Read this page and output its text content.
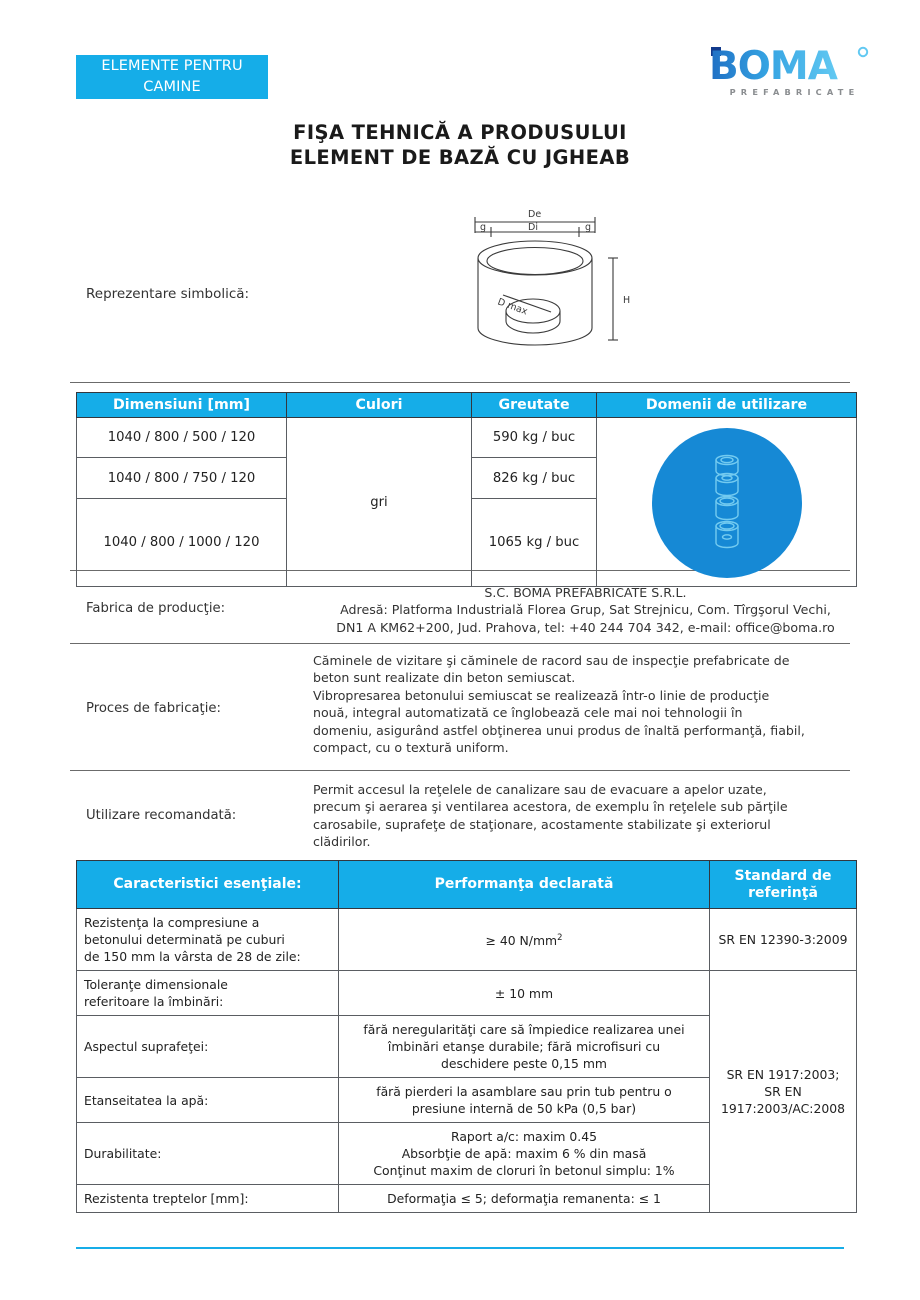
ELEMENTE PENTRU
CAMINE	BOMA
PREFABRICATE
FIŞA TEHNICĂ A PRODUSULUI
ELEMENT DE BAZĂ CU JGHEAB
Reprezentare simbolică:
De
Di
g	g
H
D max
Dimensiuni [mm]	Culori	Greutate	Domenii de utilizare
1040 / 800 / 500 / 120	gri	590 kg / buc	

1040 / 800 / 750 / 120		826 kg / buc	
1040 / 800 / 1000 / 120		1065 kg / buc	
Fabrica de producţie:
S.C. BOMA PREFABRICATE S.R.L.
Adresă: Platforma Industrialǎ Florea Grup, Sat Strejnicu, Com. Tîrgşorul Vechi,
DN1 A KM62+200, Jud. Prahova, tel: +40 244 704 342, e-mail: office@boma.ro
Proces de fabricaţie:
Căminele de vizitare şi căminele de racord sau de inspecţie prefabricate de
beton sunt realizate din beton semiuscat.
Vibropresarea betonului semiuscat se realizează într-o linie de producţie
nouă, integral automatizată ce înglobează cele mai noi tehnologii în
domeniu, asigurând astfel obţinerea unui produs de înaltă performanţă, fiabil,
compact, cu o textură uniform.
Utilizare recomandată:
Permit accesul la reţelele de canalizare sau de evacuare a apelor uzate,
precum şi aerarea şi ventilarea acestora, de exemplu în reţelele sub părţile
carosabile, suprafeţe de staţionare, acostamente stabilizate şi exteriorul
clădirilor.
Caracteristici esenţiale:	Performanţa declarată	Standard de
referinţă

Rezistenţa la compresiune a
betonului determinată pe cuburi
de 150 mm la vârsta de 28 de zile:	≥ 40 $N/mm^2$	SR EN 12390-3:2009

Toleranţe dimensionale
referitoare la îmbinări:
	± 10 mm	
SR EN 1917:2003;
SR EN
1917:2003/AC:2008

Aspectul suprafeţei:	fără neregularităţi care să împiedice realizarea unei
îmbinări etanşe durabile; fără microfisuri cu
deschidere peste 0,15 mm	

Etanseitatea la apă:	fără pierderi la asamblare sau prin tub pentru o
presiune internă de 50 kPa (0,5 bar)	

Durabilitate:	Raport a/c: maxim 0.45
Absorbţie de apă: maxim 6 % din masă
Conţinut maxim de cloruri în betonul simplu: 1%	

Rezistenta treptelor [mm]:	Deformaţia ≤ 5; deformaţia remanenta: ≤ 1	
